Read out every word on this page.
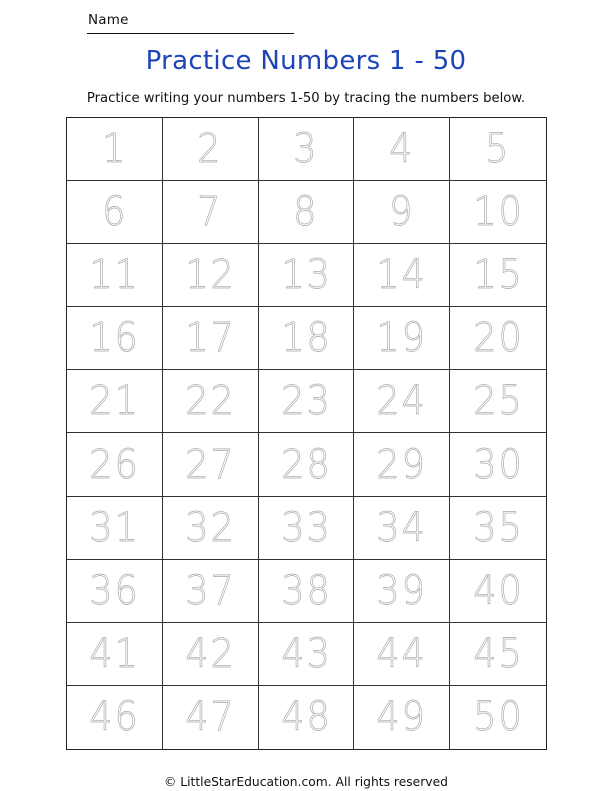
Name
Practice Numbers 1 - 50
Practice writing your numbers 1-50 by tracing the numbers below.
1 2 3 4 5
6 7 8 9 10
11 12 13 14 15
16 17 18 19 20
21 22 23 24 25
26 27 28 29 30
31 32 33 34 35
36 37 38 39 40
41 42 43 44 45
46 47 48 49 50
© LittleStarEducation.com. All rights reserved
